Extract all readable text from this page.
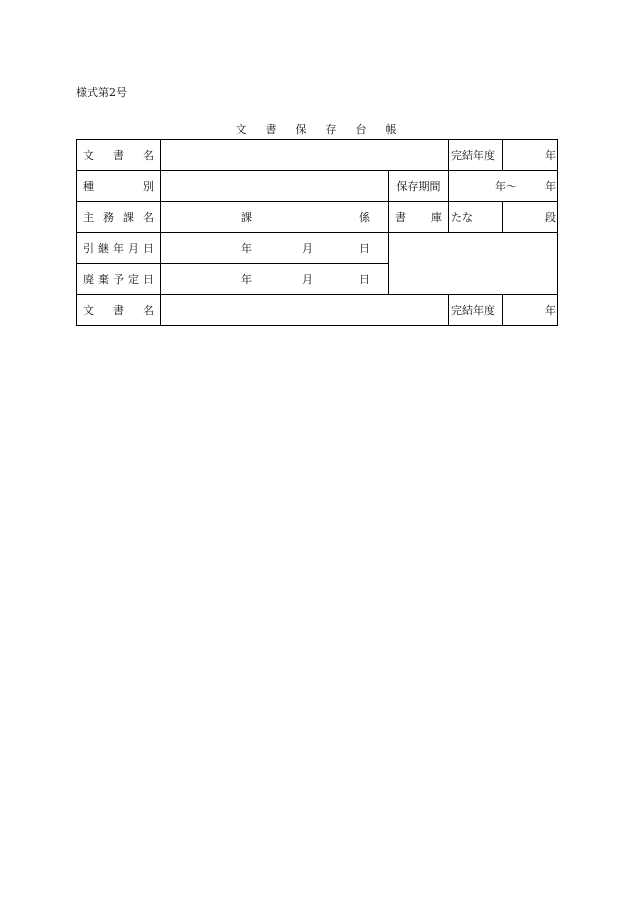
様式第2号
文書保存台帳
文 書 名			完結年度	年

種 別		保存期間	年〜 年	

主 務 課 名	課 係	書 庫	たな	段

引 継 年 月 日	年 月 日			

廃 棄 予 定 日	年 月 日			

文 書 名			完結年度	年
